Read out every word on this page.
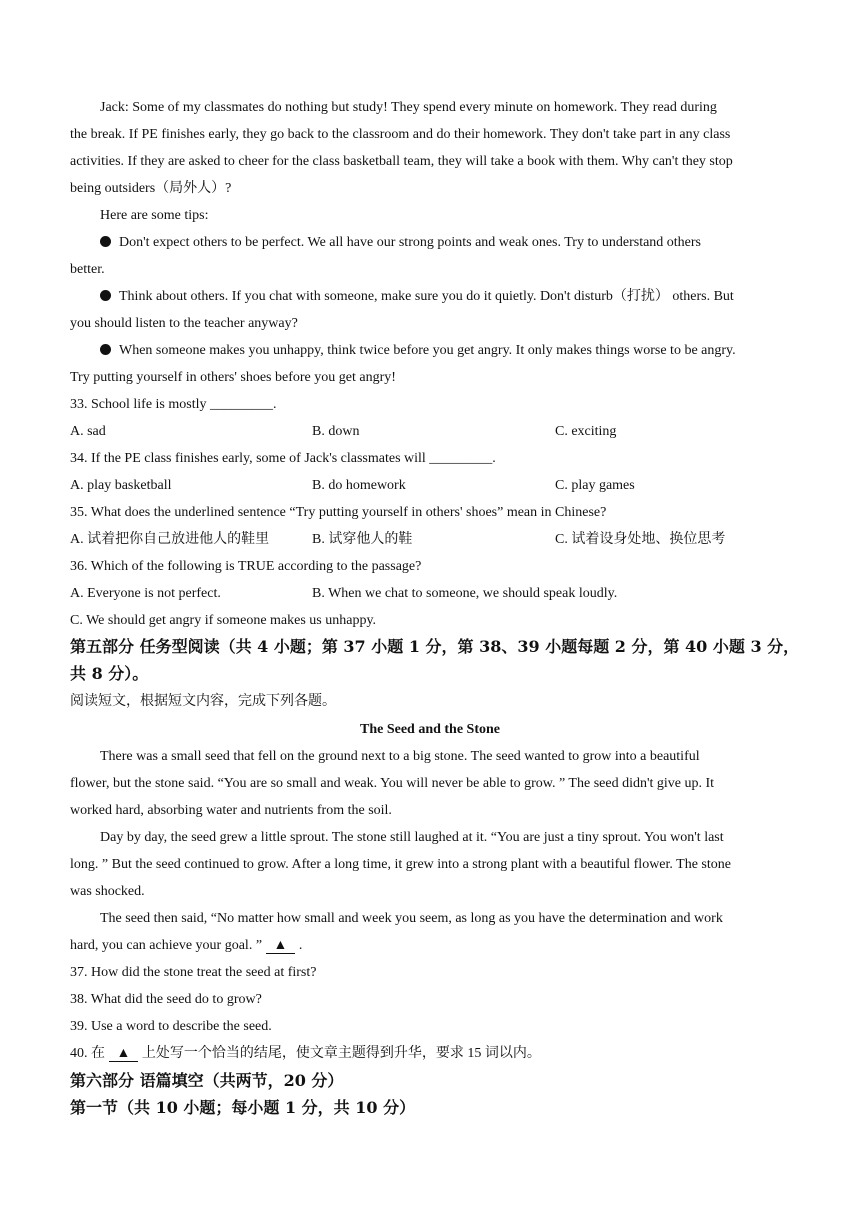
Jack: Some of my classmates do nothing but study! They spend every minute on homework. They read during
the break. If PE finishes early, they go back to the classroom and do their homework. They don't take part in any class
activities. If they are asked to cheer for the class basketball team, they will take a book with them. Why can't they stop
being outsiders（局外人）?
Here are some tips:
Don't expect others to be perfect. We all have our strong points and weak ones. Try to understand others
better.
Think about others. If you chat with someone, make sure you do it quietly. Don't disturb（打扰） others. But
you should listen to the teacher anyway?
When someone makes you unhappy, think twice before you get angry. It only makes things worse to be angry.
Try putting yourself in others' shoes before you get angry!
33. School life is mostly _________.
A. sad	B. down	C. exciting
34. If the PE class finishes early, some of Jack's classmates will _________.
A. play basketball	B. do homework	C. play games
35. What does the underlined sentence “Try putting yourself in others' shoes” mean in Chinese?
A. 试着把你自己放进他人的鞋里	B. 试穿他人的鞋	C. 试着设身处地、换位思考
36. Which of the following is TRUE according to the passage?
A. Everyone is not perfect.	B. When we chat to someone, we should speak loudly.
C. We should get angry if someone makes us unhappy.
第五部分 任务型阅读（共 4 小题；第 37 小题 1 分，第 38、39 小题每题 2 分，第 40 小题 3 分，
共 8 分）。
阅读短文，根据短文内容，完成下列各题。
The Seed and the Stone
There was a small seed that fell on the ground next to a big stone. The seed wanted to grow into a beautiful
flower, but the stone said. “You are so small and weak. You will never be able to grow. ” The seed didn't give up. It
worked hard, absorbing water and nutrients from the soil.
Day by day, the seed grew a little sprout. The stone still laughed at it. “You are just a tiny sprout. You won't last
long. ” But the seed continued to grow. After a long time, it grew into a strong plant with a beautiful flower. The stone
was shocked.
The seed then said, “No matter how small and week you seem, as long as you have the determination and work
hard, you can achieve your goal. ” ▲ .
37. How did the stone treat the seed at first?
38. What did the seed do to grow?
39. Use a word to describe the seed.
40. 在 ▲ 上处写一个恰当的结尾，使文章主题得到升华，要求 15 词以内。
第六部分 语篇填空（共两节，20 分）
第一节（共 10 小题；每小题 1 分，共 10 分）
